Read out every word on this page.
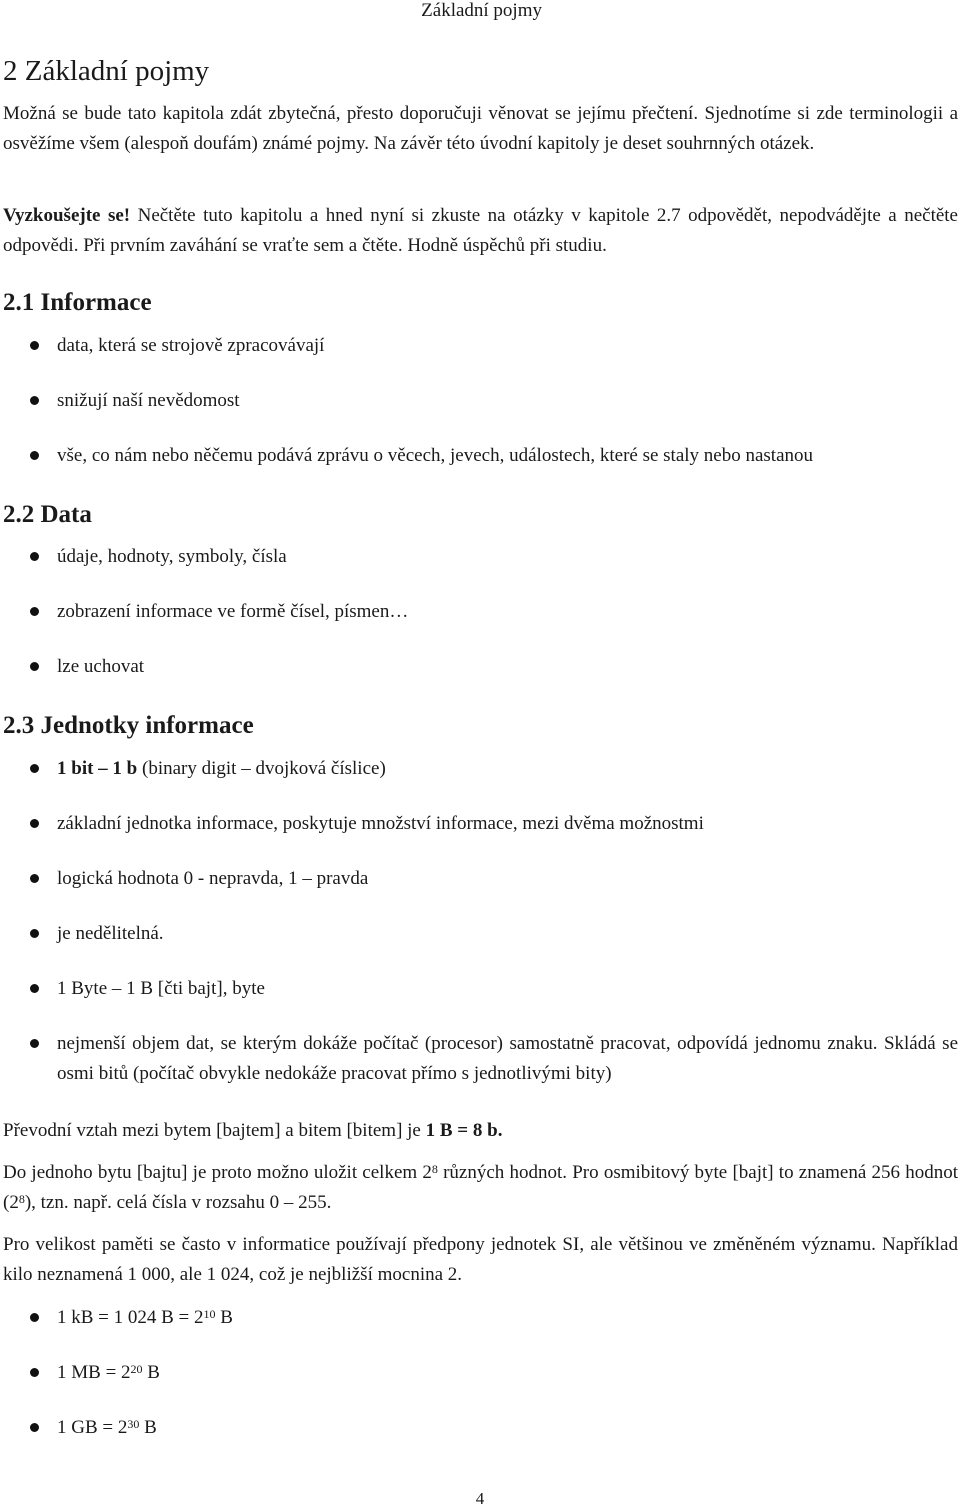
Základní pojmy
2 Základní pojmy

Možná se bude tato kapitola zdát zbytečná, přesto doporučuji věnovat se jejímu přečtení. Sjednotíme si zde terminologii a osvěžíme všem (alespoň doufám) známé pojmy. Na závěr této úvodní kapitoly je deset souhrnných otázek.

Vyzkoušejte se! Nečtěte tuto kapitolu a hned nyní si zkuste na otázky v kapitole 2.7 odpovědět, nepodvádějte a nečtěte odpovědi. Při prvním zaváhání se vraťte sem a čtěte. Hodně úspěchů při studiu.

2.1 Informace
data, která se strojově zpracovávají
snižují naší nevědomost
vše, co nám nebo něčemu podává zprávu o věcech, jevech, událostech, které se staly nebo nastanou
2.2 Data
údaje, hodnoty, symboly, čísla
zobrazení informace ve formě čísel, písmen…
lze uchovat
2.3 Jednotky informace
1 bit – 1 b (binary digit – dvojková číslice)
základní jednotka informace, poskytuje množství informace, mezi dvěma možnostmi
logická hodnota 0 - nepravda, 1 – pravda
je nedělitelná.
1 Byte – 1 B [čti bajt], byte
nejmenší objem dat, se kterým dokáže počítač (procesor) samostatně pracovat, odpovídá jednomu znaku. Skládá se osmi bitů (počítač obvykle nedokáže pracovat přímo s jednotlivými bity)

Převodní vztah mezi bytem [bajtem] a bitem [bitem] je 1 B = 8 b.

Do jednoho bytu [bajtu] je proto možno uložit celkem $2^8$ různých hodnot. Pro osmibitový byte [bajt] to znamená 256 hodnot $(2^8)$, tzn. např. celá čísla v rozsahu 0 – 255.

Pro velikost paměti se často v informatice používají předpony jednotek SI, ale většinou ve změněném významu. Například kilo neznamená 1 000, ale 1 024, což je nejbližší mocnina 2.

1 kB = 1 024 $B = 2^{10}$ B
1 MB = $2^{20}$ B
1 GB = $2^{30}$ B
4
